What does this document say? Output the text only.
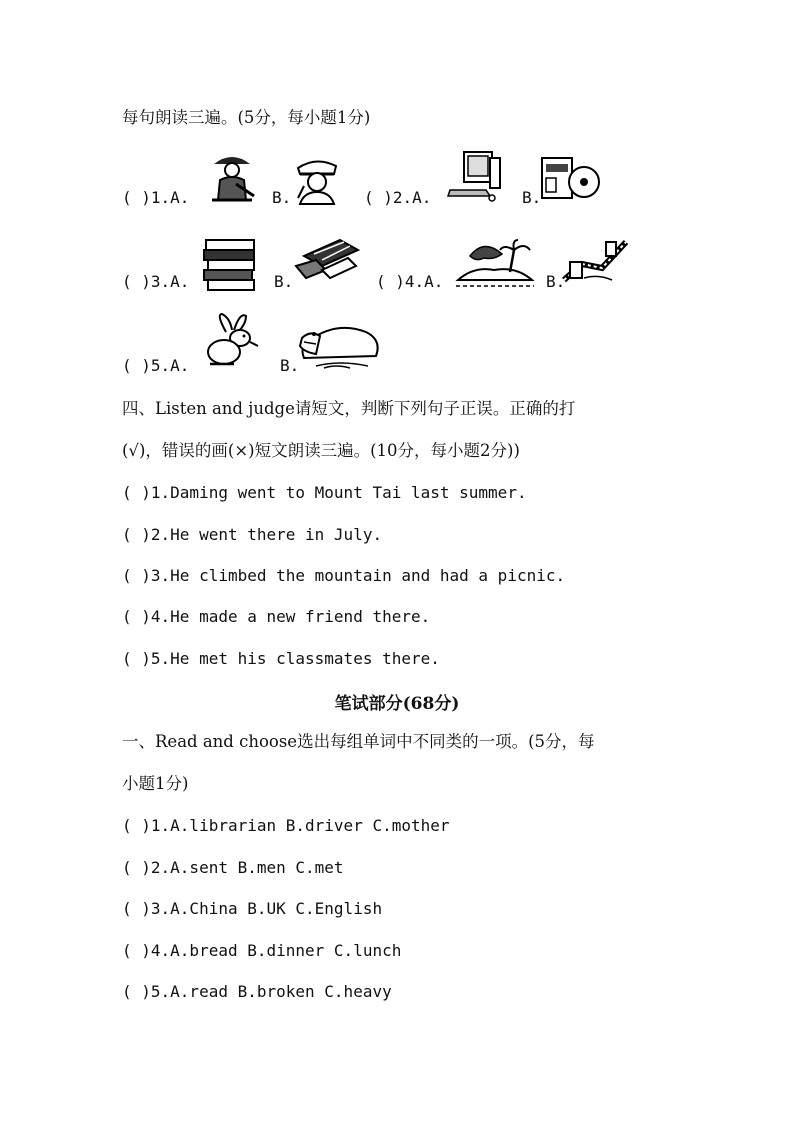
每句朗读三遍。(5分，每小题1分)
( )1.A.	B.	( )2.A.	B.
( )3.A.	B.	( )4.A.	B.
( )5.A.	B.
四、Listen and judge请短文，判断下列句子正误。正确的打
(√)，错误的画(×)短文朗读三遍。(10分，每小题2分))
( )1.Daming went to Mount Tai last summer.
( )2.He went there in July.
( )3.He climbed the mountain and had a picnic.
( )4.He made a new friend there.
( )5.He met his classmates there.
笔试部分(68分)
一、Read and choose选出每组单词中不同类的一项。(5分，每
小题1分)
( )1.A.librarian B.driver C.mother
( )2.A.sent B.men C.met
( )3.A.China B.UK C.English
( )4.A.bread B.dinner C.lunch
( )5.A.read B.broken C.heavy
